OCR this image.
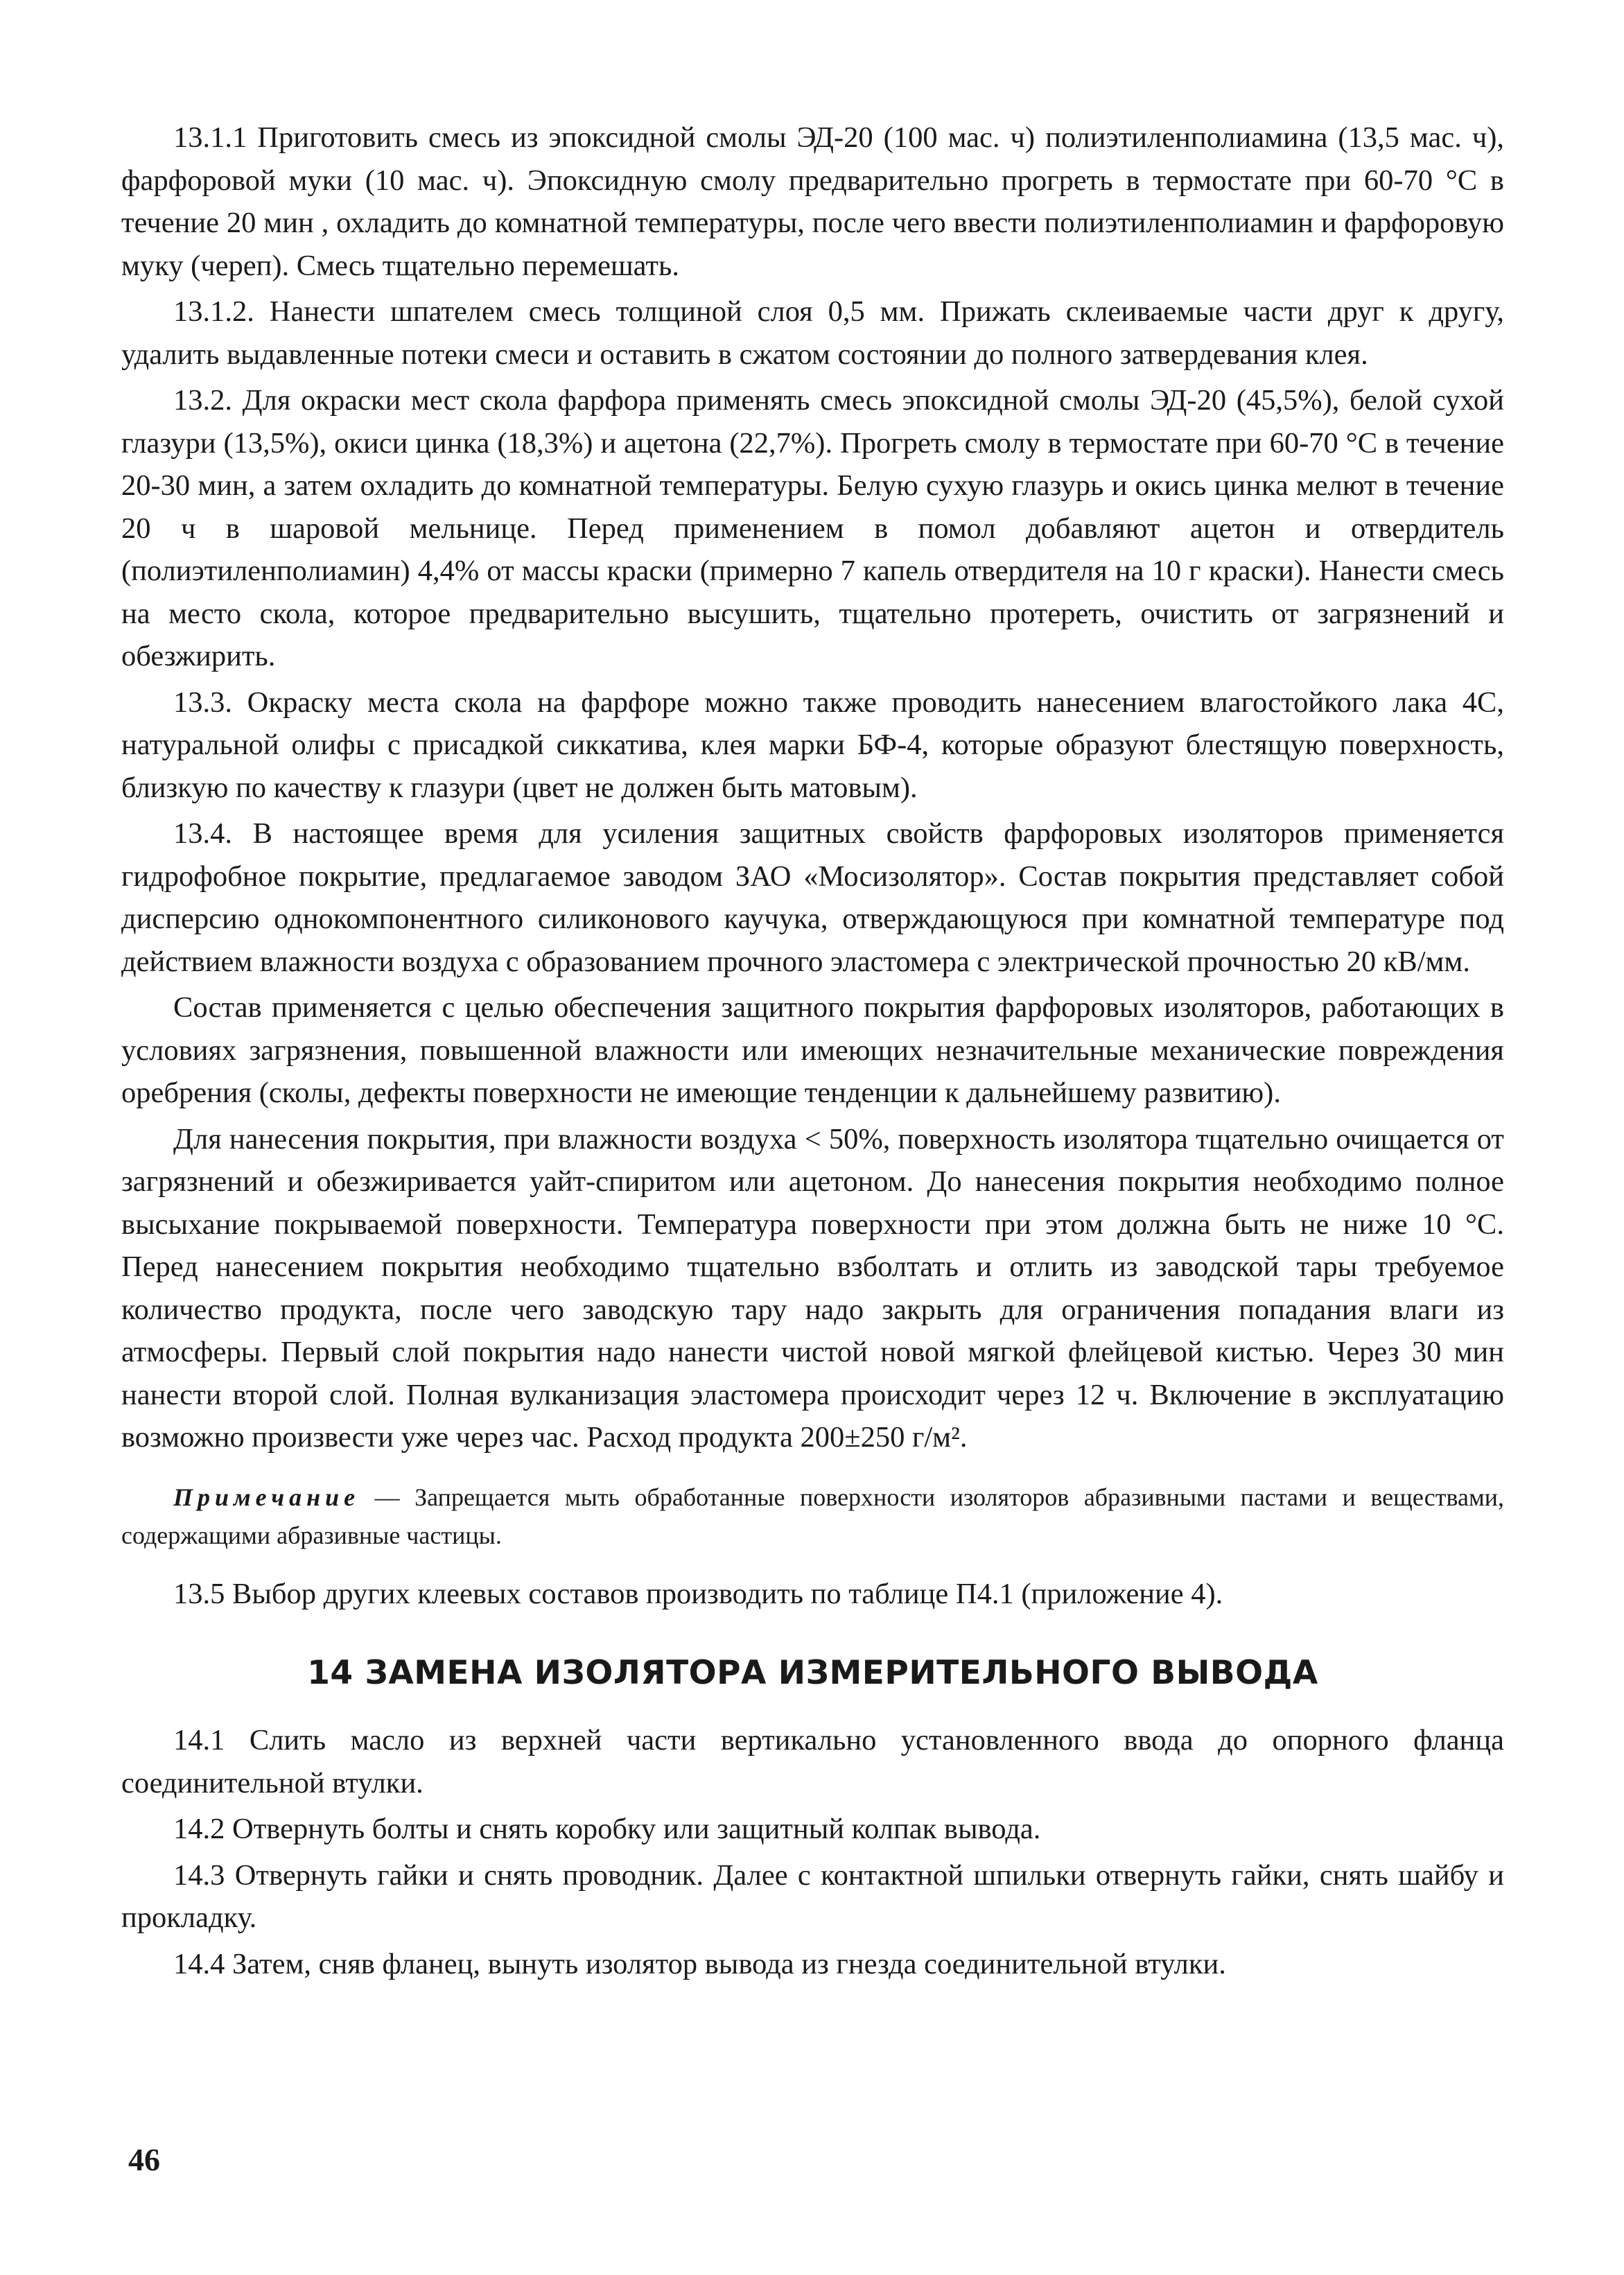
13.1.1 Приготовить смесь из эпоксидной смолы ЭД-20 (100 мас. ч) полиэтиленполиамина (13,5 мас. ч), фарфоровой муки (10 мас. ч). Эпоксидную смолу предварительно прогреть в термостате при 60-70 °С в течение 20 мин , охладить до комнатной температуры, после чего ввести полиэтиленполиамин и фарфоровую муку (череп). Смесь тщательно перемешать.

13.1.2. Нанести шпателем смесь толщиной слоя 0,5 мм. Прижать склеиваемые части друг к другу, удалить выдавленные потеки смеси и оставить в сжатом состоянии до полного затвердевания клея.

13.2. Для окраски мест скола фарфора применять смесь эпоксидной смолы ЭД-20 (45,5%), белой сухой глазури (13,5%), окиси цинка (18,3%) и ацетона (22,7%). Прогреть смолу в термостате при 60-70 °С в течение 20-30 мин, а затем охладить до комнатной температуры. Белую сухую глазурь и окись цинка мелют в течение 20 ч в шаровой мельнице. Перед применением в помол добавляют ацетон и отвердитель (полиэтиленполиамин) 4,4% от массы краски (примерно 7 капель отвердителя на 10 г краски). Нанести смесь на место скола, которое предварительно высушить, тщательно протереть, очистить от загрязнений и обезжирить.

13.3. Окраску места скола на фарфоре можно также проводить нанесением влагостойкого лака 4С, натуральной олифы с присадкой сиккатива, клея марки БФ-4, которые образуют блестящую поверхность, близкую по качеству к глазури (цвет не должен быть матовым).

13.4. В настоящее время для усиления защитных свойств фарфоровых изоляторов применяется гидрофобное покрытие, предлагаемое заводом ЗАО «Мосизолятор». Состав покрытия представляет собой дисперсию однокомпонентного силиконового каучука, отверждающуюся при комнатной температуре под действием влажности воздуха с образованием прочного эластомера с электрической прочностью 20 кВ/мм.

Состав применяется с целью обеспечения защитного покрытия фарфоровых изоляторов, работающих в условиях загрязнения, повышенной влажности или имеющих незначительные механические повреждения оребрения (сколы, дефекты поверхности не имеющие тенденции к дальнейшему развитию).

Для нанесения покрытия, при влажности воздуха < 50%, поверхность изолятора тщательно очищается от загрязнений и обезжиривается уайт-спиритом или ацетоном. До нанесения покрытия необходимо полное высыхание покрываемой поверхности. Температура поверхности при этом должна быть не ниже 10 °С. Перед нанесением покрытия необходимо тщательно взболтать и отлить из заводской тары требуемое количество продукта, после чего заводскую тару надо закрыть для ограничения попадания влаги из атмосферы. Первый слой покрытия надо нанести чистой новой мягкой флейцевой кистью. Через 30 мин нанести второй слой. Полная вулканизация эластомера происходит через 12 ч. Включение в эксплуатацию возможно произвести уже через час. Расход продукта 200±250 г/м².

Примечание — Запрещается мыть обработанные поверхности изоляторов абразивными пастами и веществами, содержащими абразивные частицы.

13.5 Выбор других клеевых составов производить по таблице П4.1 (приложение 4).

14 ЗАМЕНА ИЗОЛЯТОРА ИЗМЕРИТЕЛЬНОГО ВЫВОДА

14.1 Слить масло из верхней части вертикально установленного ввода до опорного фланца соединительной втулки.

14.2 Отвернуть болты и снять коробку или защитный колпак вывода.

14.3 Отвернуть гайки и снять проводник. Далее с контактной шпильки отвернуть гайки, снять шайбу и прокладку.

14.4 Затем, сняв фланец, вынуть изолятор вывода из гнезда соединительной втулки.

46
